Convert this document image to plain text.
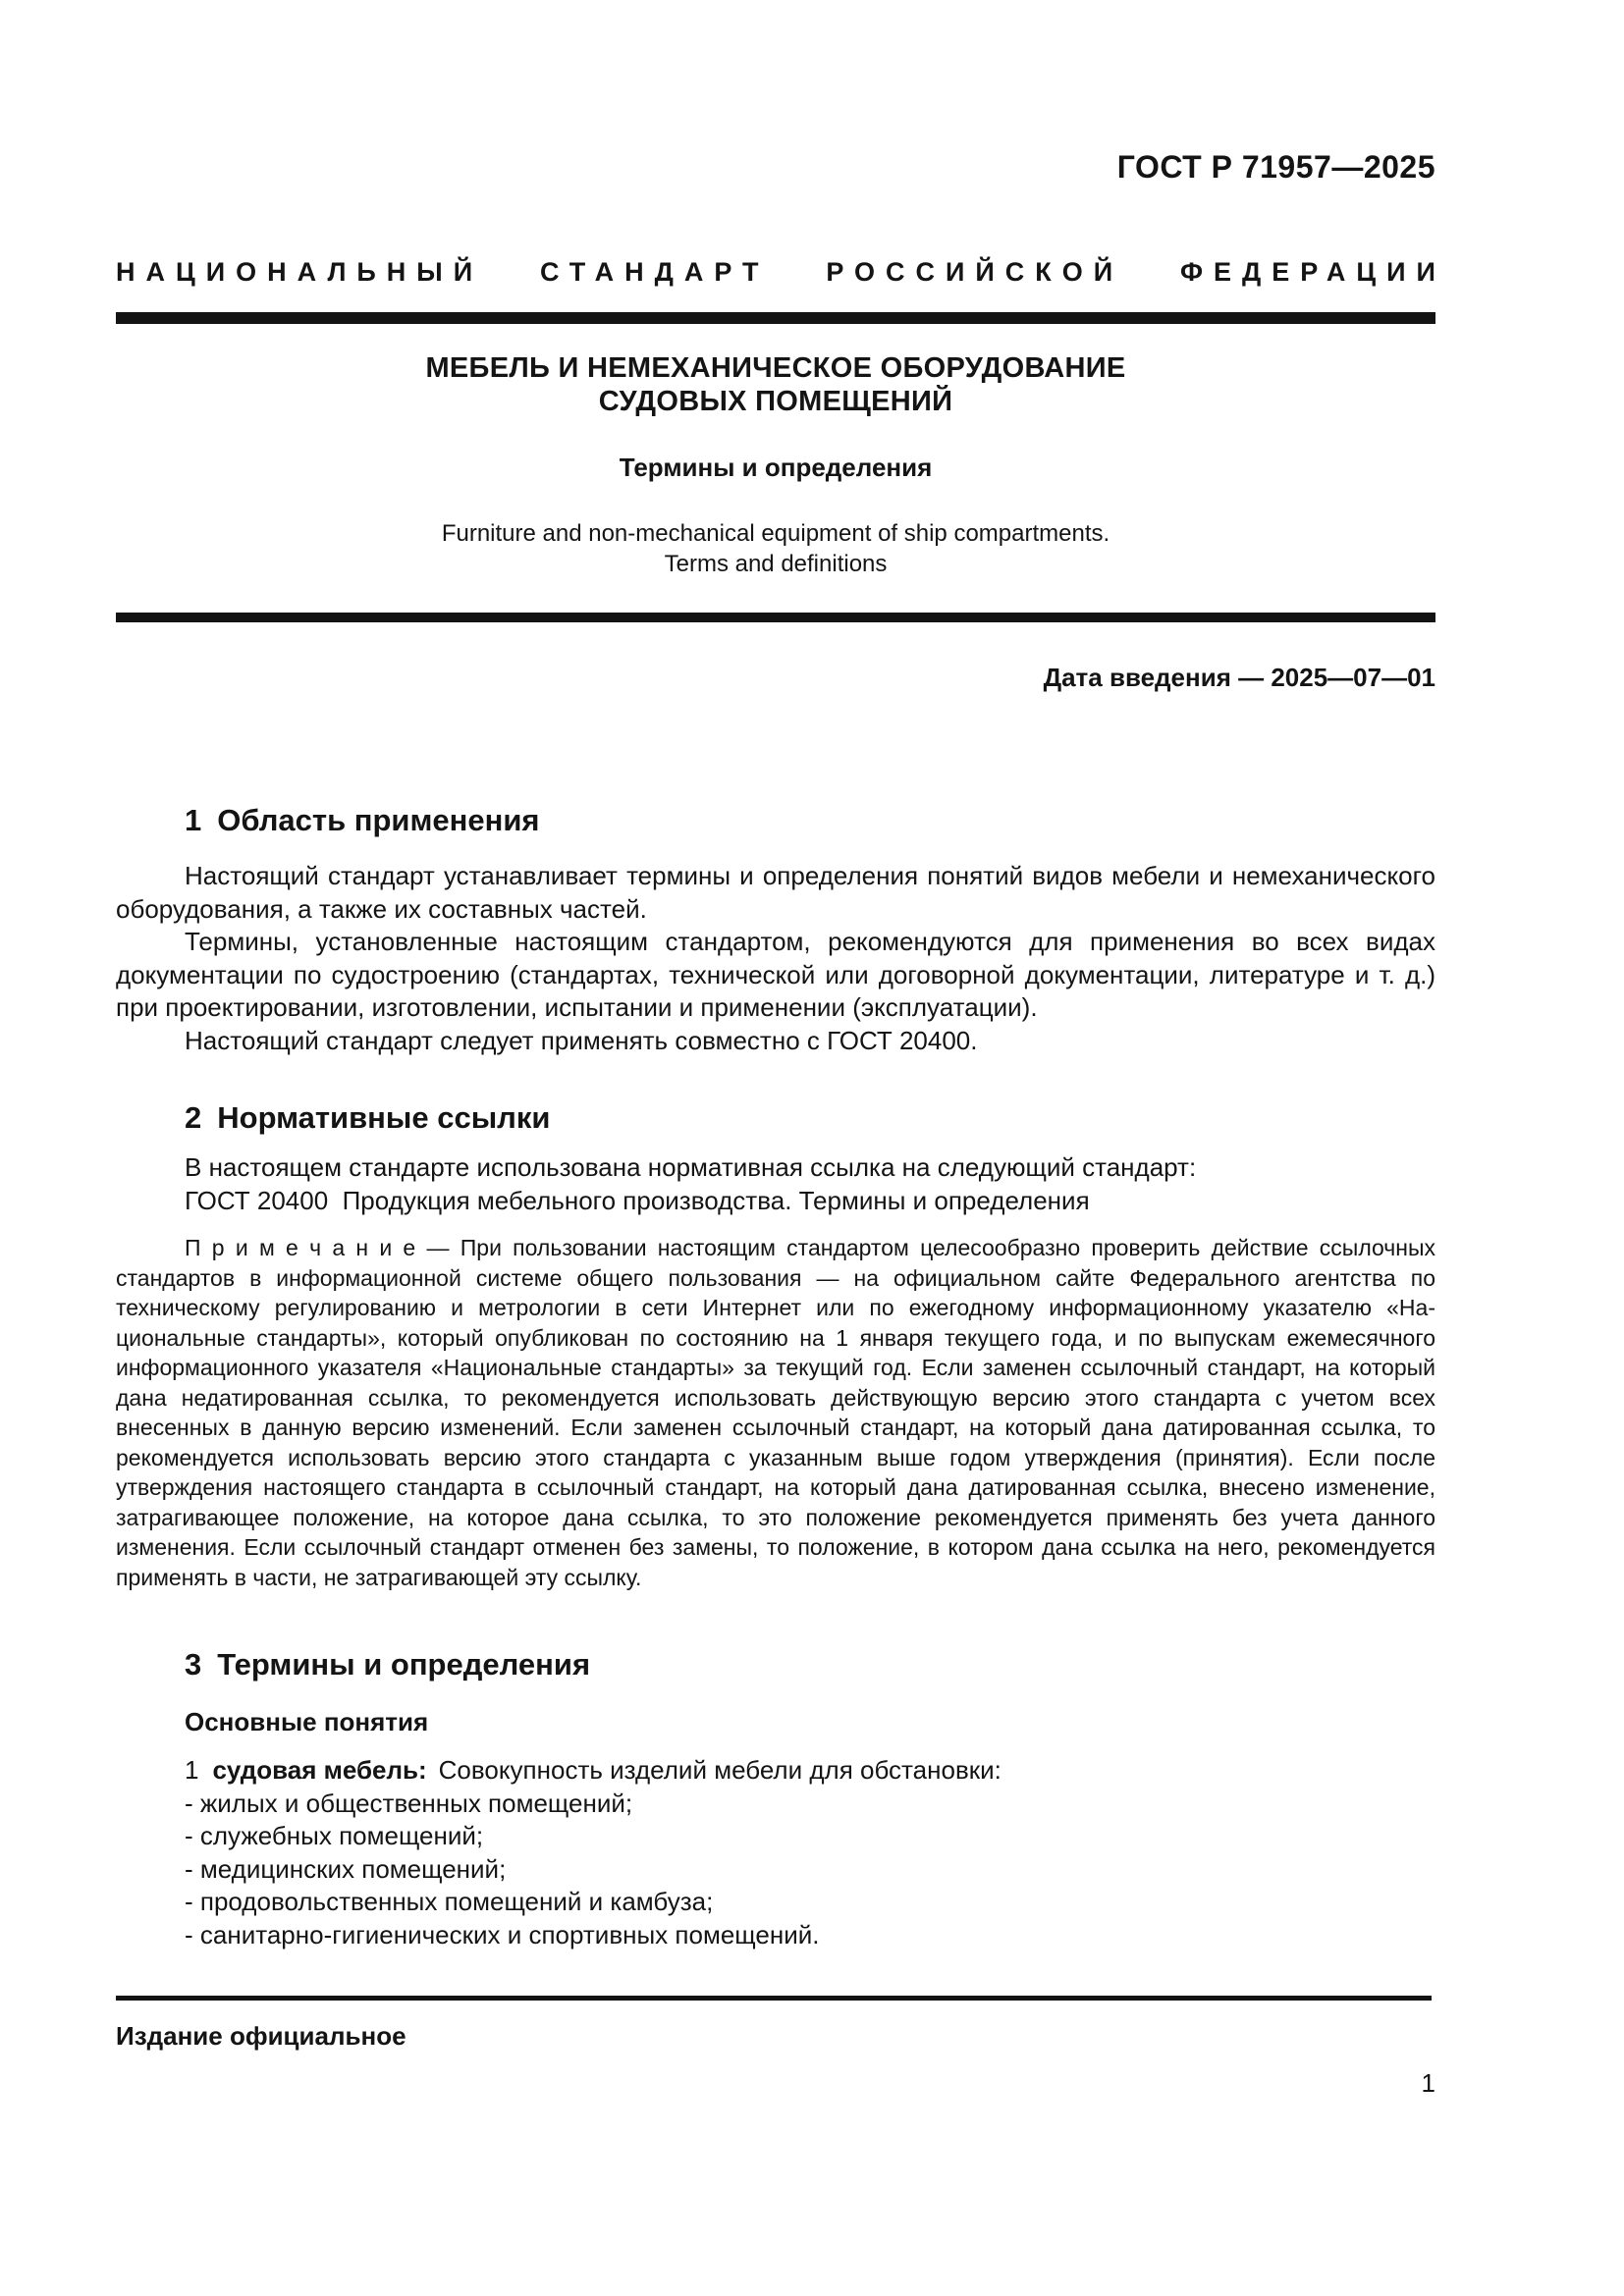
ГОСТ Р 71957—2025
НАЦИОНАЛЬНЫЙ СТАНДАРТ РОССИЙСКОЙ ФЕДЕРАЦИИ
МЕБЕЛЬ И НЕМЕХАНИЧЕСКОЕ ОБОРУДОВАНИЕ
СУДОВЫХ ПОМЕЩЕНИЙ
Термины и определения
Furniture and non-mechanical equipment of ship compartments.
Terms and definitions
Дата введения — 2025—07—01
1 Область применения

Настоящий стандарт устанавливает термины и определения понятий видов мебели и немеханического оборудования, а также их составных частей.

Термины, установленные настоящим стандартом, рекомендуются для применения во всех видах документации по судостроению (стандартах, технической или договорной документации, литературе и т. д.) при проектировании, изготовлении, испытании и применении (эксплуатации).

Настоящий стандарт следует применять совместно с ГОСТ 20400.

2 Нормативные ссылки

В настоящем стандарте использована нормативная ссылка на следующий стандарт:

ГОСТ 20400  Продукция мебельного производства. Термины и определения

П р и м е ч а н и е — При пользовании настоящим стандартом целесообразно проверить действие ссылочных стандартов в информационной системе общего пользования — на официальном сайте Федерального агентства по техническому регулированию и метрологии в сети Интернет или по ежегодному информационному указателю «Национальные стандарты», который опубликован по состоянию на 1 января текущего года, и по выпускам ежемесячного информационного указателя «Национальные стандарты» за текущий год. Если заменен ссылочный стандарт, на который дана недатированная ссылка, то рекомендуется использовать действующую версию этого стандарта с учетом всех внесенных в данную версию изменений. Если заменен ссылочный стандарт, на который дана датированная ссылка, то рекомендуется использовать версию этого стандарта с указанным выше годом утверждения (принятия). Если после утверждения настоящего стандарта в ссылочный стандарт, на который дана датированная ссылка, внесено изменение, затрагивающее положение, на которое дана ссылка, то это положение рекомендуется применять без учета данного изменения. Если ссылочный стандарт отменен без замены, то положение, в котором дана ссылка на него, рекомендуется применять в части, не затрагивающей эту ссылку.

3 Термины и определения
Основные понятия

1 судовая мебель: Совокупность изделий мебели для обстановки:

- жилых и общественных помещений;

- служебных помещений;

- медицинских помещений;

- продовольственных помещений и камбуза;

- санитарно-гигиенических и спортивных помещений.

Издание официальное
1
